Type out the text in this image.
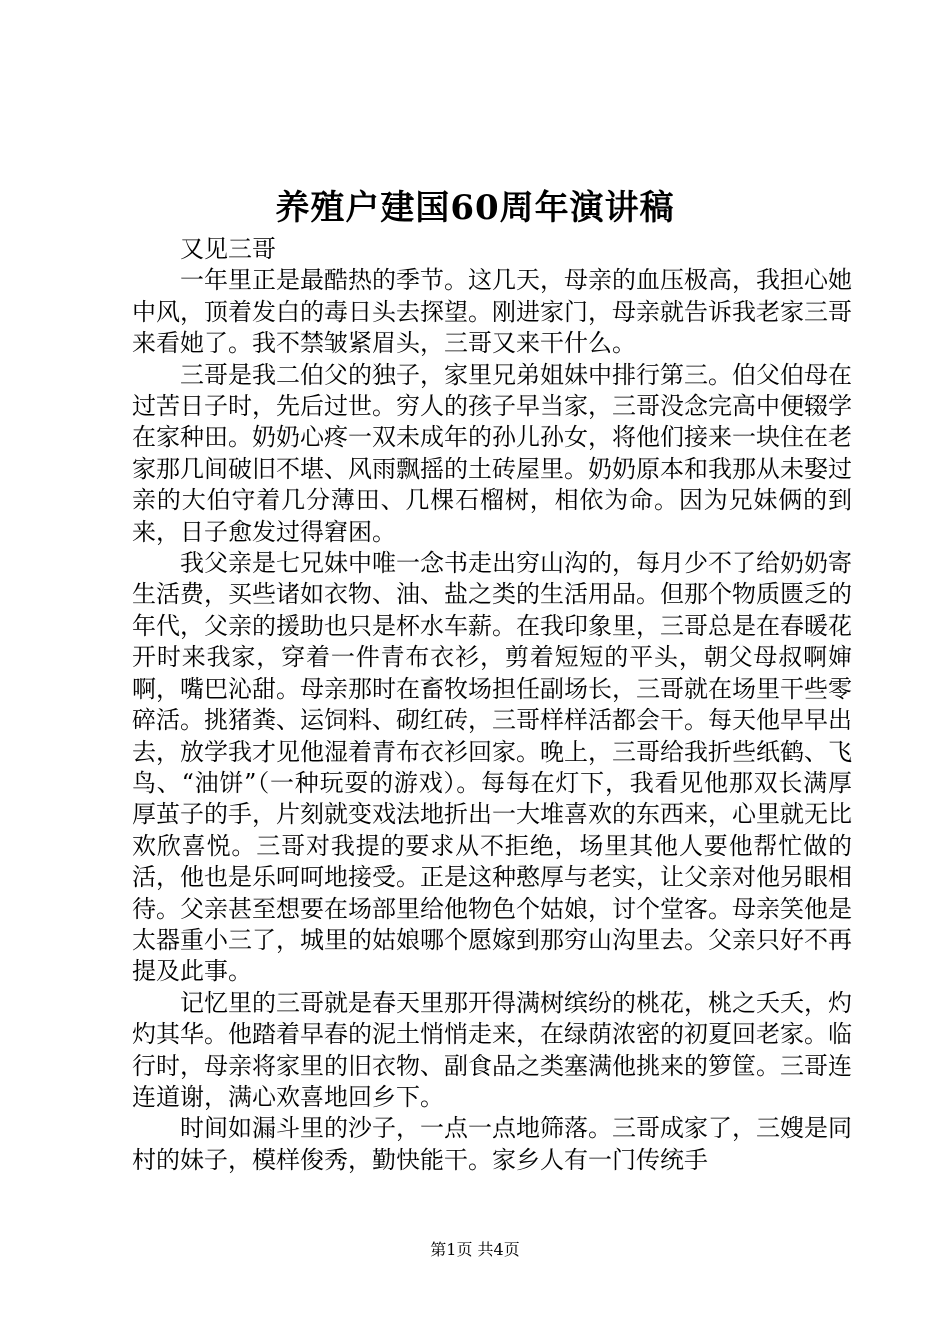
养殖户建国60周年演讲稿

又见三哥

一年里正是最酷热的季节。这几天，母亲的血压极高，我担心她中风，顶着发白的毒日头去探望。刚进家门，母亲就告诉我老家三哥来看她了。我不禁皱紧眉头，三哥又来干什么。

三哥是我二伯父的独子，家里兄弟姐妹中排行第三。伯父伯母在过苦日子时，先后过世。穷人的孩子早当家，三哥没念完高中便辍学在家种田。奶奶心疼一双未成年的孙儿孙女，将他们接来一块住在老家那几间破旧不堪、风雨飘摇的土砖屋里。奶奶原本和我那从未娶过亲的大伯守着几分薄田、几棵石榴树，相依为命。因为兄妹俩的到来，日子愈发过得窘困。

我父亲是七兄妹中唯一念书走出穷山沟的，每月少不了给奶奶寄生活费，买些诸如衣物、油、盐之类的生活用品。但那个物质匮乏的年代，父亲的援助也只是杯水车薪。在我印象里，三哥总是在春暖花开时来我家，穿着一件青布衣衫，剪着短短的平头，朝父母叔啊婶啊，嘴巴沁甜。母亲那时在畜牧场担任副场长，三哥就在场里干些零碎活。挑猪粪、运饲料、砌红砖，三哥样样活都会干。每天他早早出去，放学我才见他湿着青布衣衫回家。晚上，三哥给我折些纸鹤、飞鸟、“油饼”（一种玩耍的游戏）。每每在灯下，我看见他那双长满厚厚茧子的手，片刻就变戏法地折出一大堆喜欢的东西来，心里就无比欢欣喜悦。三哥对我提的要求从不拒绝，场里其他人要他帮忙做的活，他也是乐呵呵地接受。正是这种憨厚与老实，让父亲对他另眼相待。父亲甚至想要在场部里给他物色个姑娘，讨个堂客。母亲笑他是太器重小三了，城里的姑娘哪个愿嫁到那穷山沟里去。父亲只好不再提及此事。

记忆里的三哥就是春天里那开得满树缤纷的桃花，桃之夭夭，灼灼其华。他踏着早春的泥土悄悄走来，在绿荫浓密的初夏回老家。临行时，母亲将家里的旧衣物、副食品之类塞满他挑来的箩筐。三哥连连道谢，满心欢喜地回乡下。

时间如漏斗里的沙子，一点一点地筛落。三哥成家了，三嫂是同村的妹子，模样俊秀，勤快能干。家乡人有一门传统手

第1页 共4页
